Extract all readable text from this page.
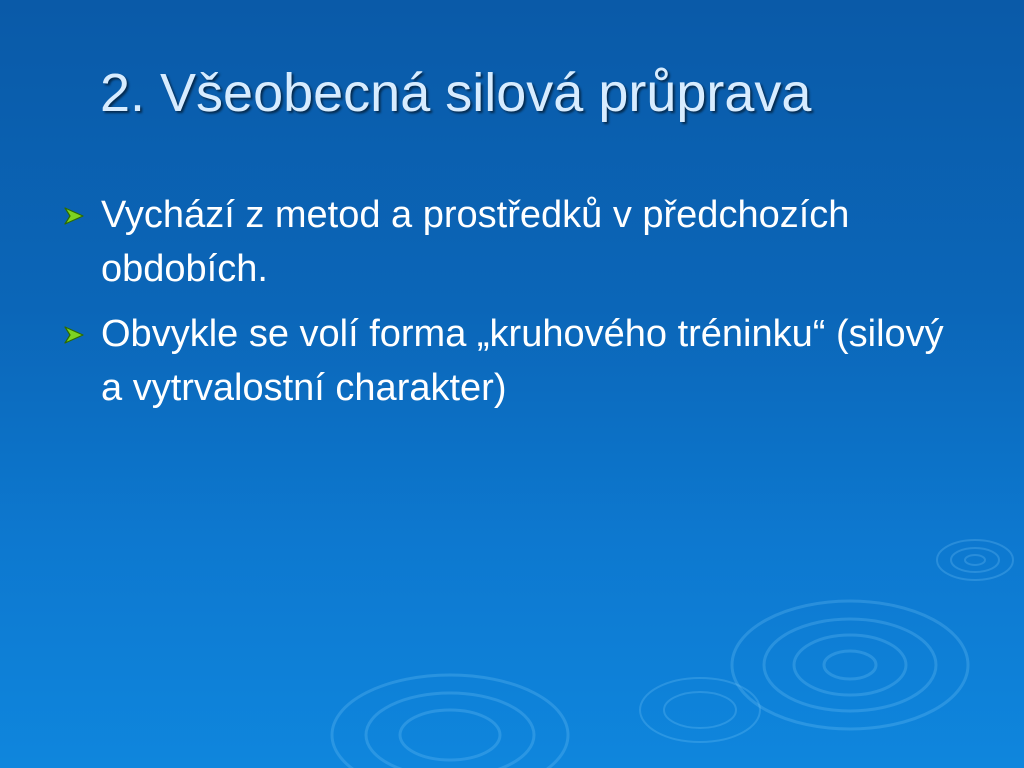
2. Všeobecná silová průprava
Vychází z metod a prostředků v předchozích obdobích.
Obvykle se volí forma „kruhového tréninku“ (silový a vytrvalostní charakter)
